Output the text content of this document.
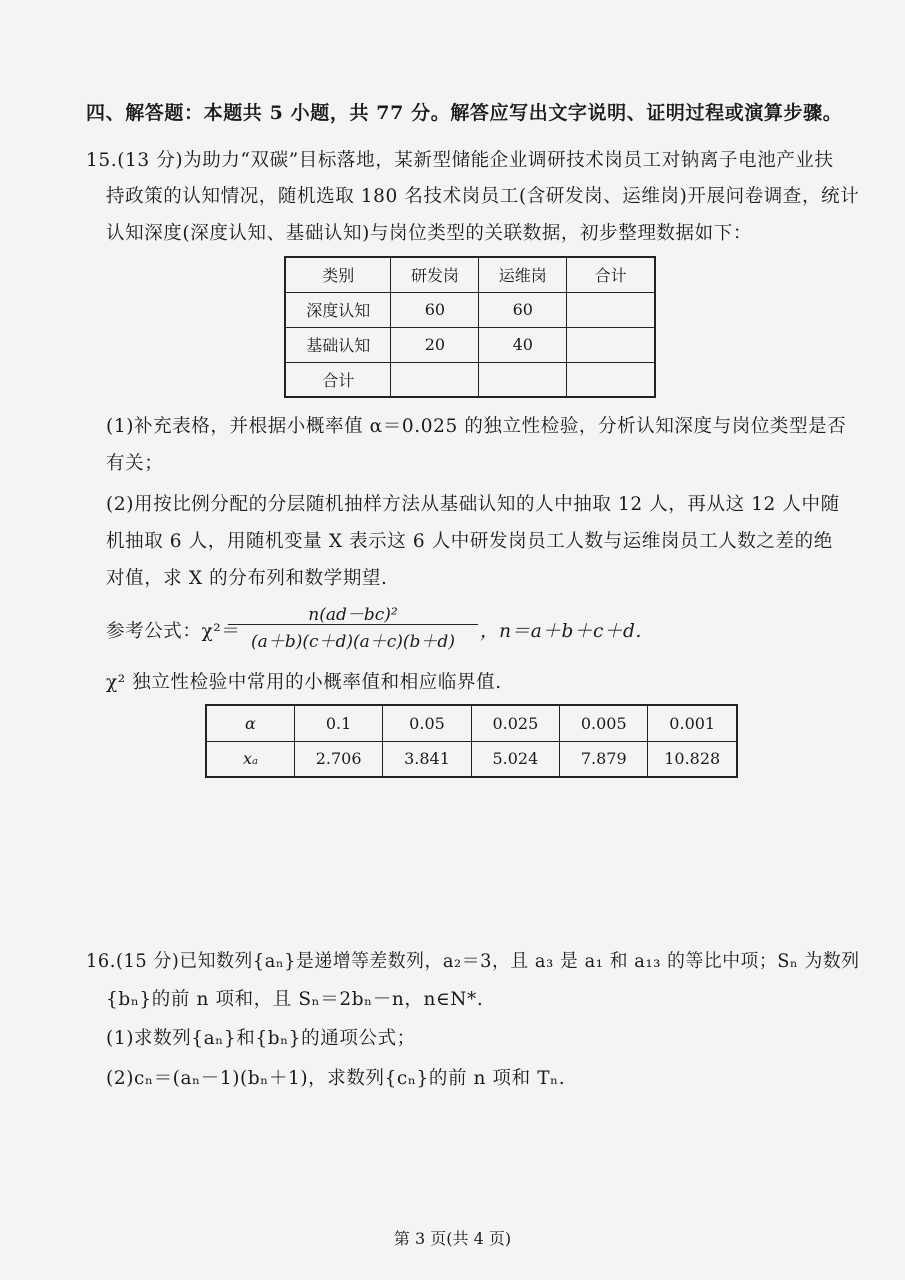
四、解答题：本题共 5 小题，共 77 分。解答应写出文字说明、证明过程或演算步骤。
15.(13 分)为助力“双碳”目标落地，某新型储能企业调研技术岗员工对钠离子电池产业扶
持政策的认知情况，随机选取 180 名技术岗员工(含研发岗、运维岗)开展问卷调查，统计
认知深度(深度认知、基础认知)与岗位类型的关联数据，初步整理数据如下：
类别	研发岗	运维岗	合计
深度认知	60	60	
基础认知	20	40	
合计			
(1)补充表格，并根据小概率值 α＝0.025 的独立性检验，分析认知深度与岗位类型是否
有关；
(2)用按比例分配的分层随机抽样方法从基础认知的人中抽取 12 人，再从这 12 人中随
机抽取 6 人，用随机变量 X 表示这 6 人中研发岗员工人数与运维岗员工人数之差的绝
对值，求 X 的分布列和数学期望.
参考公式：χ²＝
n(ad－bc)²
(a＋b)(c＋d)(a＋c)(b＋d)	，n＝a＋b＋c＋d.
χ² 独立性检验中常用的小概率值和相应临界值.
α	0.1	0.05	0.025	0.005	0.001
xₐ	2.706	3.841	5.024	7.879	10.828
16.(15 分)已知数列{aₙ}是递增等差数列，a₂＝3，且 a₃ 是 a₁ 和 a₁₃ 的等比中项；Sₙ 为数列
{bₙ}的前 n 项和，且 Sₙ＝2bₙ－n，n∈N*.
(1)求数列{aₙ}和{bₙ}的通项公式；
(2)cₙ＝(aₙ－1)(bₙ＋1)，求数列{cₙ}的前 n 项和 Tₙ.
第 3 页(共 4 页)
